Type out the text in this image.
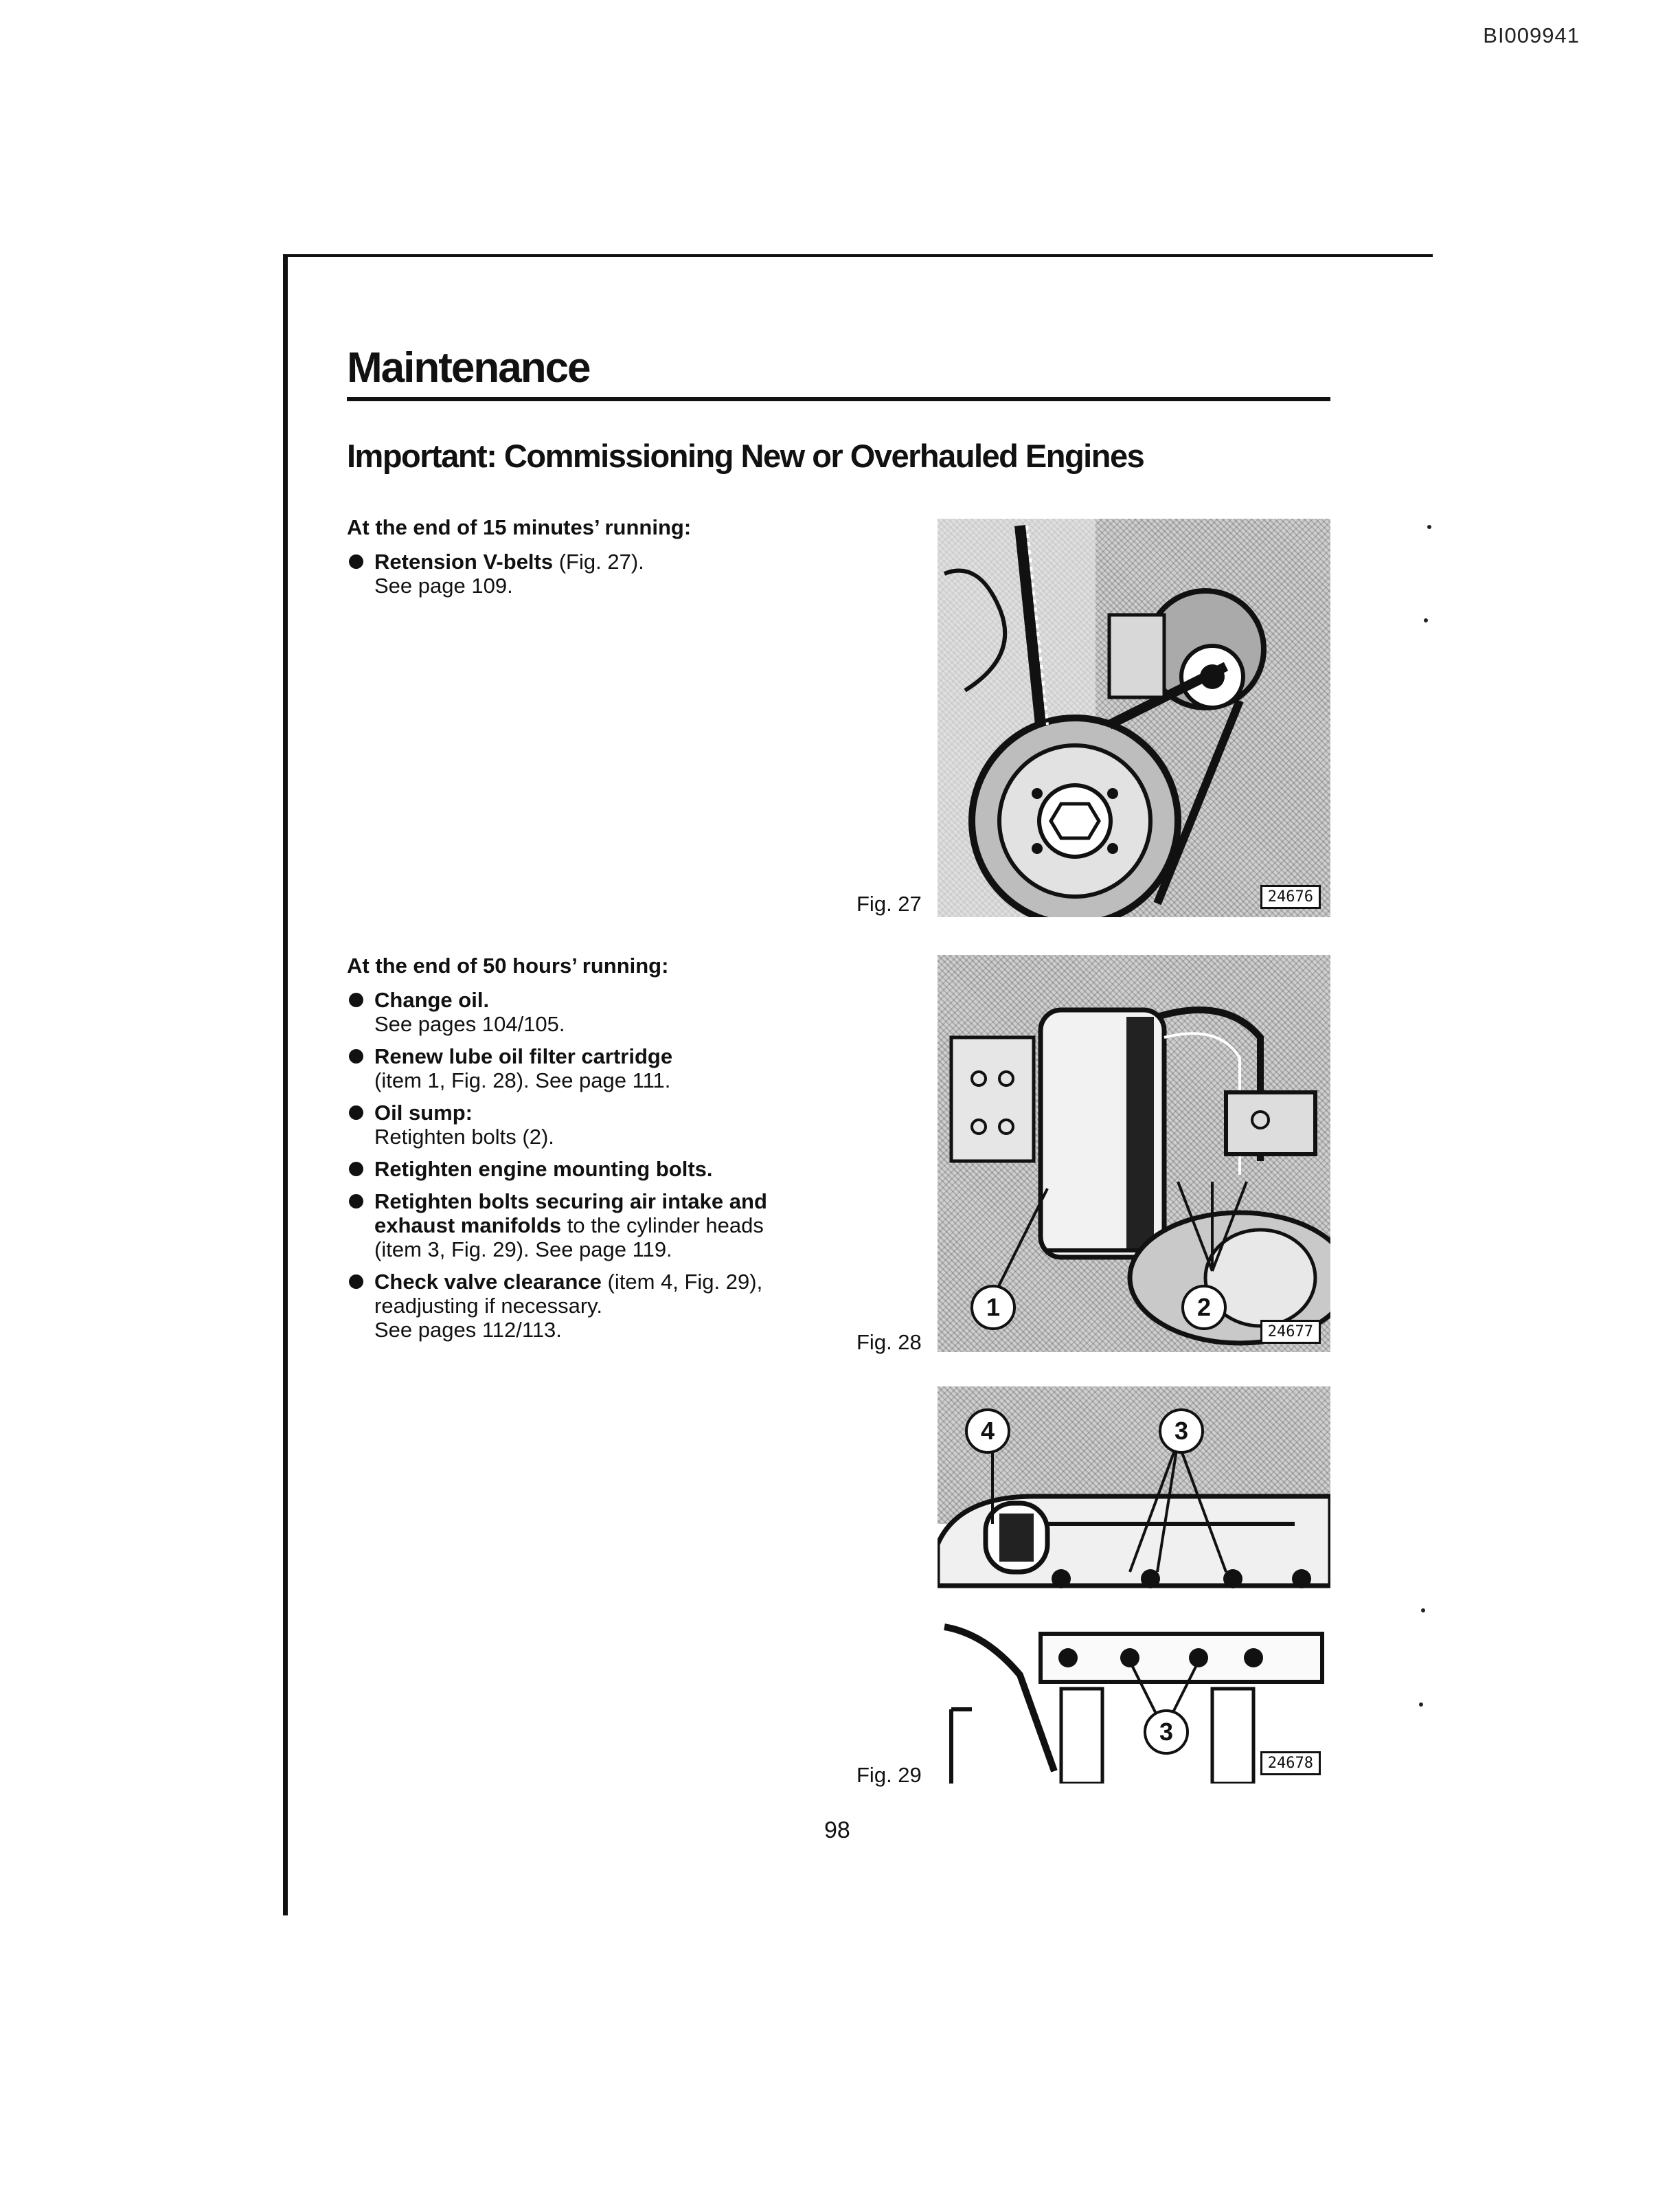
BI009941
Maintenance
Important: Commissioning New or Overhauled Engines
At the end of 15 minutes’ running:
Retension V-belts (Fig. 27).
See page 109.
At the end of 50 hours’ running:
Change oil.
See pages 104/105.
Renew lube oil filter cartridge
(item 1, Fig. 28). See page 111.
Oil sump:
Retighten bolts (2).
Retighten engine mounting bolts.
Retighten bolts securing air intake and
exhaust manifolds to the cylinder heads
(item 3, Fig. 29). See page 119.
Check valve clearance (item 4, Fig. 29),
readjusting if necessary.
See pages 112/113.
Fig. 27	24676
Fig. 28
1	2
24677
Fig. 29
4	3
3
24678
98
